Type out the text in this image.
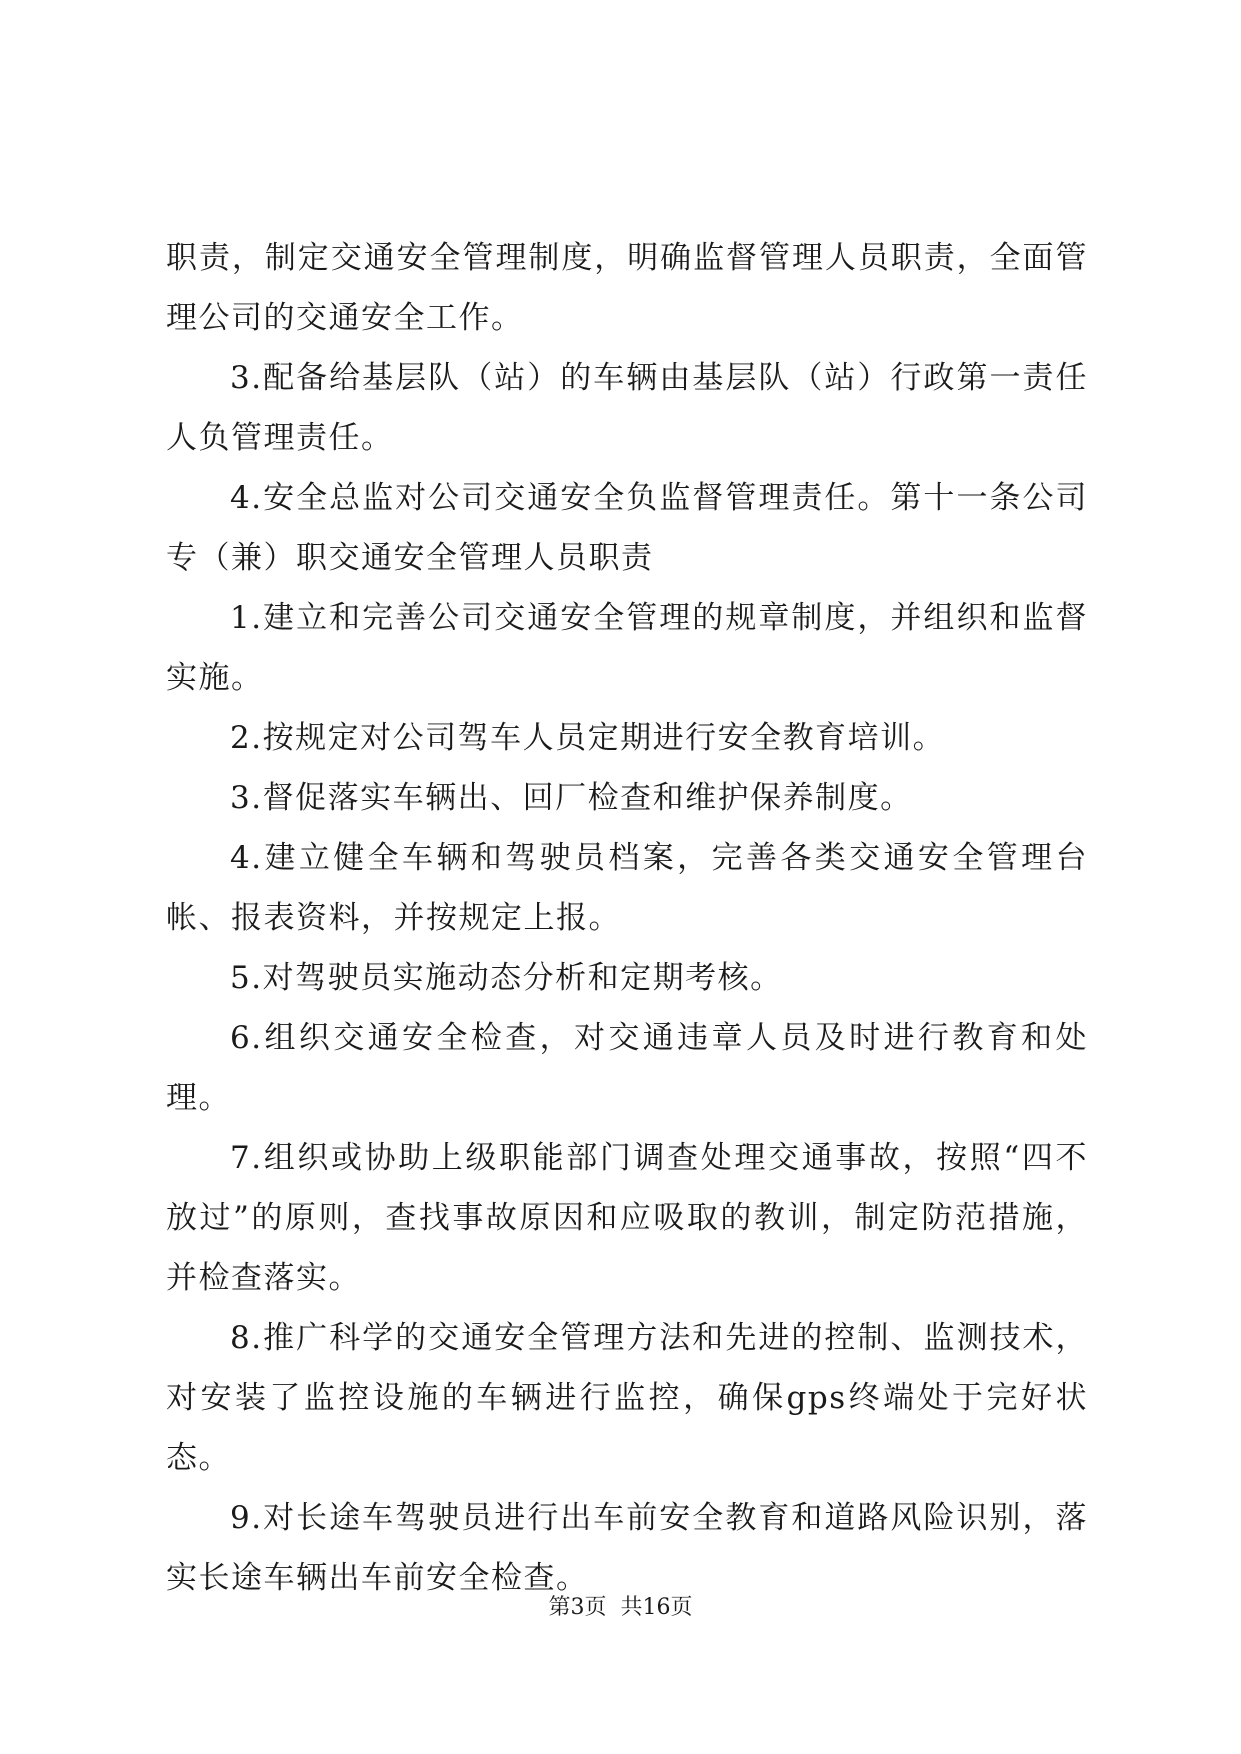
职责，制定交通安全管理制度，明确监督管理人员职责，全面管理公司的交通安全工作。

3.配备给基层队（站）的车辆由基层队（站）行政第一责任人负管理责任。

4.安全总监对公司交通安全负监督管理责任。第十一条公司专（兼）职交通安全管理人员职责

1.建立和完善公司交通安全管理的规章制度，并组织和监督实施。

2.按规定对公司驾车人员定期进行安全教育培训。

3.督促落实车辆出、回厂检查和维护保养制度。

4.建立健全车辆和驾驶员档案，完善各类交通安全管理台帐、报表资料，并按规定上报。

5.对驾驶员实施动态分析和定期考核。

6.组织交通安全检查，对交通违章人员及时进行教育和处理。

7.组织或协助上级职能部门调查处理交通事故，按照“四不放过”的原则，查找事故原因和应吸取的教训，制定防范措施，并检查落实。

8.推广科学的交通安全管理方法和先进的控制、监测技术，对安装了监控设施的车辆进行监控，确保gps终端处于完好状态。

9.对长途车驾驶员进行出车前安全教育和道路风险识别，落实长途车辆出车前安全检查。

第3页  共16页
